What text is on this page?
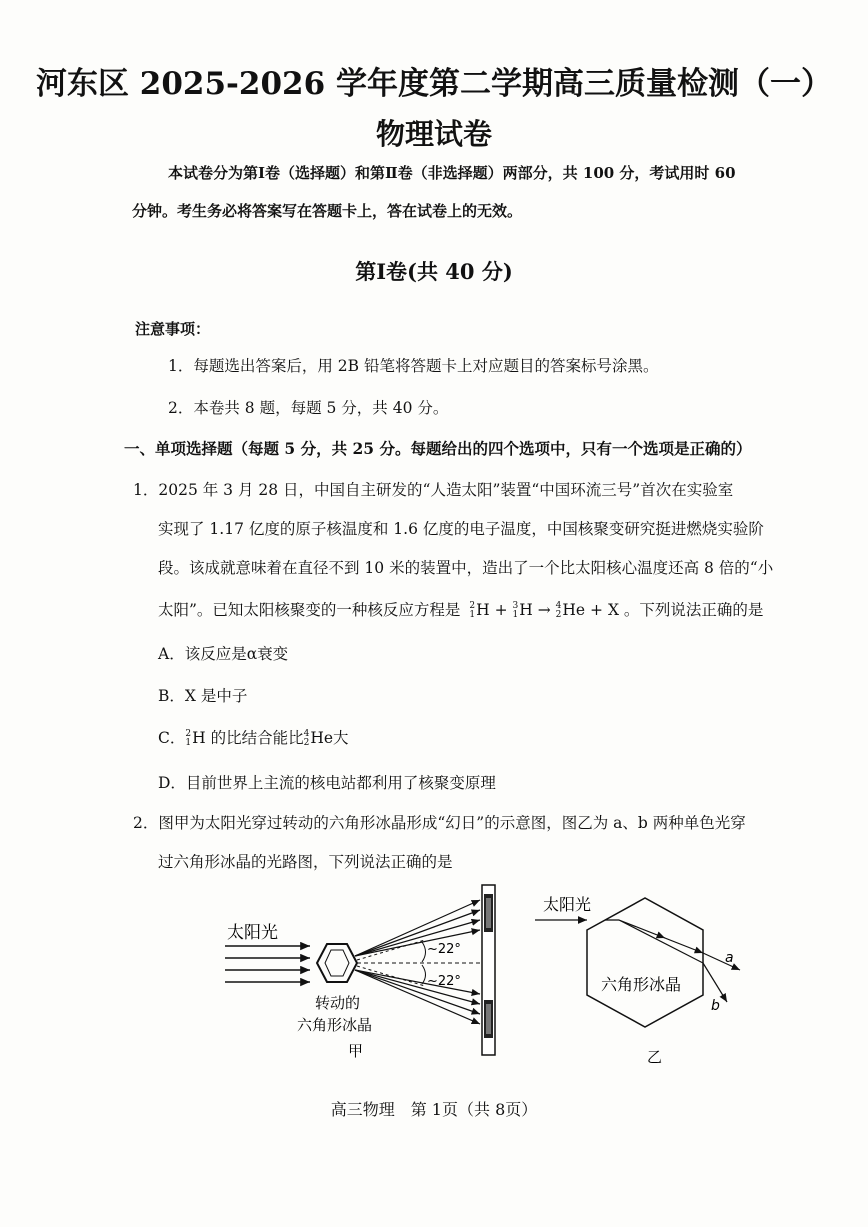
河东区 2025-2026 学年度第二学期高三质量检测（一）
物理试卷
本试卷分为第Ⅰ卷（选择题）和第Ⅱ卷（非选择题）两部分，共 100 分，考试用时 60
分钟。考生务必将答案写在答题卡上，答在试卷上的无效。
第Ⅰ卷(共 40 分)
注意事项：
1．每题选出答案后，用 2B 铅笔将答题卡上对应题目的答案标号涂黑。
2．本卷共 8 题，每题 5 分，共 40 分。
一、单项选择题（每题 5 分，共 25 分。每题给出的四个选项中，只有一个选项是正确的）
1．2025 年 3 月 28 日，中国自主研发的“人造太阳”装置“中国环流三号”首次在实验室
实现了 1.17 亿度的原子核温度和 1.6 亿度的电子温度，中国核聚变研究挺进燃烧实验阶
段。该成就意味着在直径不到 10 米的装置中，造出了一个比太阳核心温度还高 8 倍的“小
太阳”。已知太阳核聚变的一种核反应方程是 2
1 H + 3
1 H → 4
2 He + X 。下列说法正确的是
A．该反应是α衰变
B．X 是中子
C． 2
1 H 的比结合能比 4
2 He大
D．目前世界上主流的核电站都利用了核聚变原理
2．图甲为太阳光穿过转动的六角形冰晶形成“幻日”的示意图，图乙为 a、b 两种单色光穿
过六角形冰晶的光路图，下列说法正确的是
太阳光
~22°
~22°
转动的
六角形冰晶
甲
太阳光
a
b
六角形冰晶
乙
高三物理　第 1页（共 8页）
